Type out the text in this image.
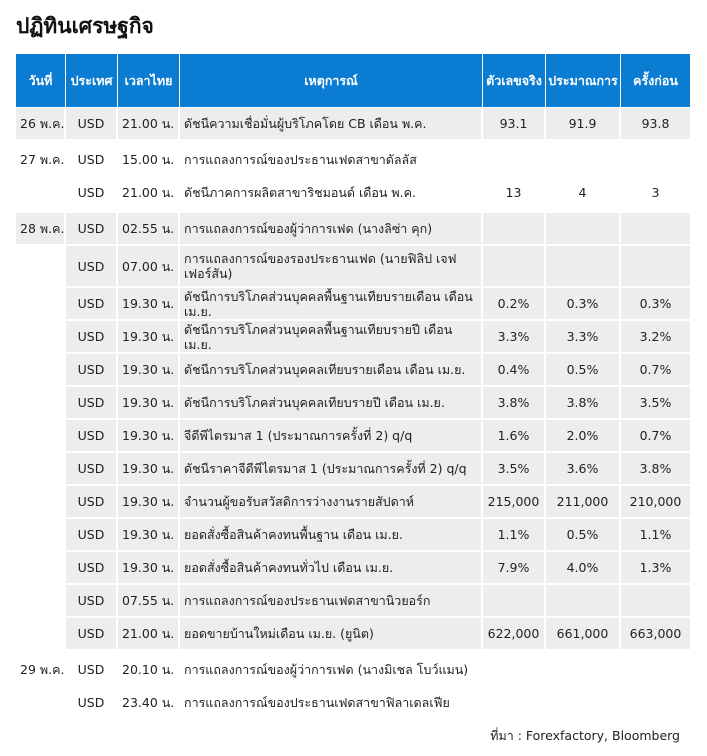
ปฏิทินเศรษฐกิจ
วันที่	ประเทศ	เวลาไทย	เหตุการณ์	ตัวเลขจริง	ประมาณการ	ครั้งก่อน
26 พ.ค.	USD	21.00 น.	ดัชนีความเชื่อมั่นผู้บริโภคโดย CB เดือน พ.ค.	93.1	91.9	93.8
27 พ.ค.	USD	15.00 น.	การแถลงการณ์ของประธานเฟดสาขาดัลลัส			
	USD	21.00 น.	ดัชนีภาคการผลิตสาขาริชมอนด์ เดือน พ.ค.	13	4	3
28 พ.ค.	USD	02.55 น.	การแถลงการณ์ของผู้ว่าการเฟด (นางลิซ่า คุก)			
	USD	07.00 น.	การแถลงการณ์ของรองประธานเฟด (นายฟิลิป เจฟเฟอร์สัน)			
	USD	19.30 น.	ดัชนีการบริโภคส่วนบุคคลพื้นฐานเทียบรายเดือน เดือน เม.ย.	0.2%	0.3%	0.3%
	USD	19.30 น.	ดัชนีการบริโภคส่วนบุคคลพื้นฐานเทียบรายปี เดือน เม.ย.	3.3%	3.3%	3.2%
	USD	19.30 น.	ดัชนีการบริโภคส่วนบุคคลเทียบรายเดือน เดือน เม.ย.	0.4%	0.5%	0.7%
	USD	19.30 น.	ดัชนีการบริโภคส่วนบุคคลเทียบรายปี เดือน เม.ย.	3.8%	3.8%	3.5%
	USD	19.30 น.	จีดีพีไตรมาส 1 (ประมาณการครั้งที่ 2) q/q	1.6%	2.0%	0.7%
	USD	19.30 น.	ดัชนีราคาจีดีพีไตรมาส 1 (ประมาณการครั้งที่ 2) q/q	3.5%	3.6%	3.8%
	USD	19.30 น.	จำนวนผู้ขอรับสวัสดิการว่างงานรายสัปดาห์	215,000	211,000	210,000
	USD	19.30 น.	ยอดสั่งซื้อสินค้าคงทนพื้นฐาน เดือน เม.ย.	1.1%	0.5%	1.1%
	USD	19.30 น.	ยอดสั่งซื้อสินค้าคงทนทั่วไป เดือน เม.ย.	7.9%	4.0%	1.3%
	USD	07.55 น.	การแถลงการณ์ของประธานเฟดสาขานิวยอร์ก			
	USD	21.00 น.	ยอดขายบ้านใหม่เดือน เม.ย. (ยูนิต)	622,000	661,000	663,000
29 พ.ค.	USD	20.10 น.	การแถลงการณ์ของผู้ว่าการเฟด (นางมิเชล โบว์แมน)			
	USD	23.40 น.	การแถลงการณ์ของประธานเฟดสาขาฟิลาเดลเฟีย			
ที่มา : Forexfactory, Bloomberg
